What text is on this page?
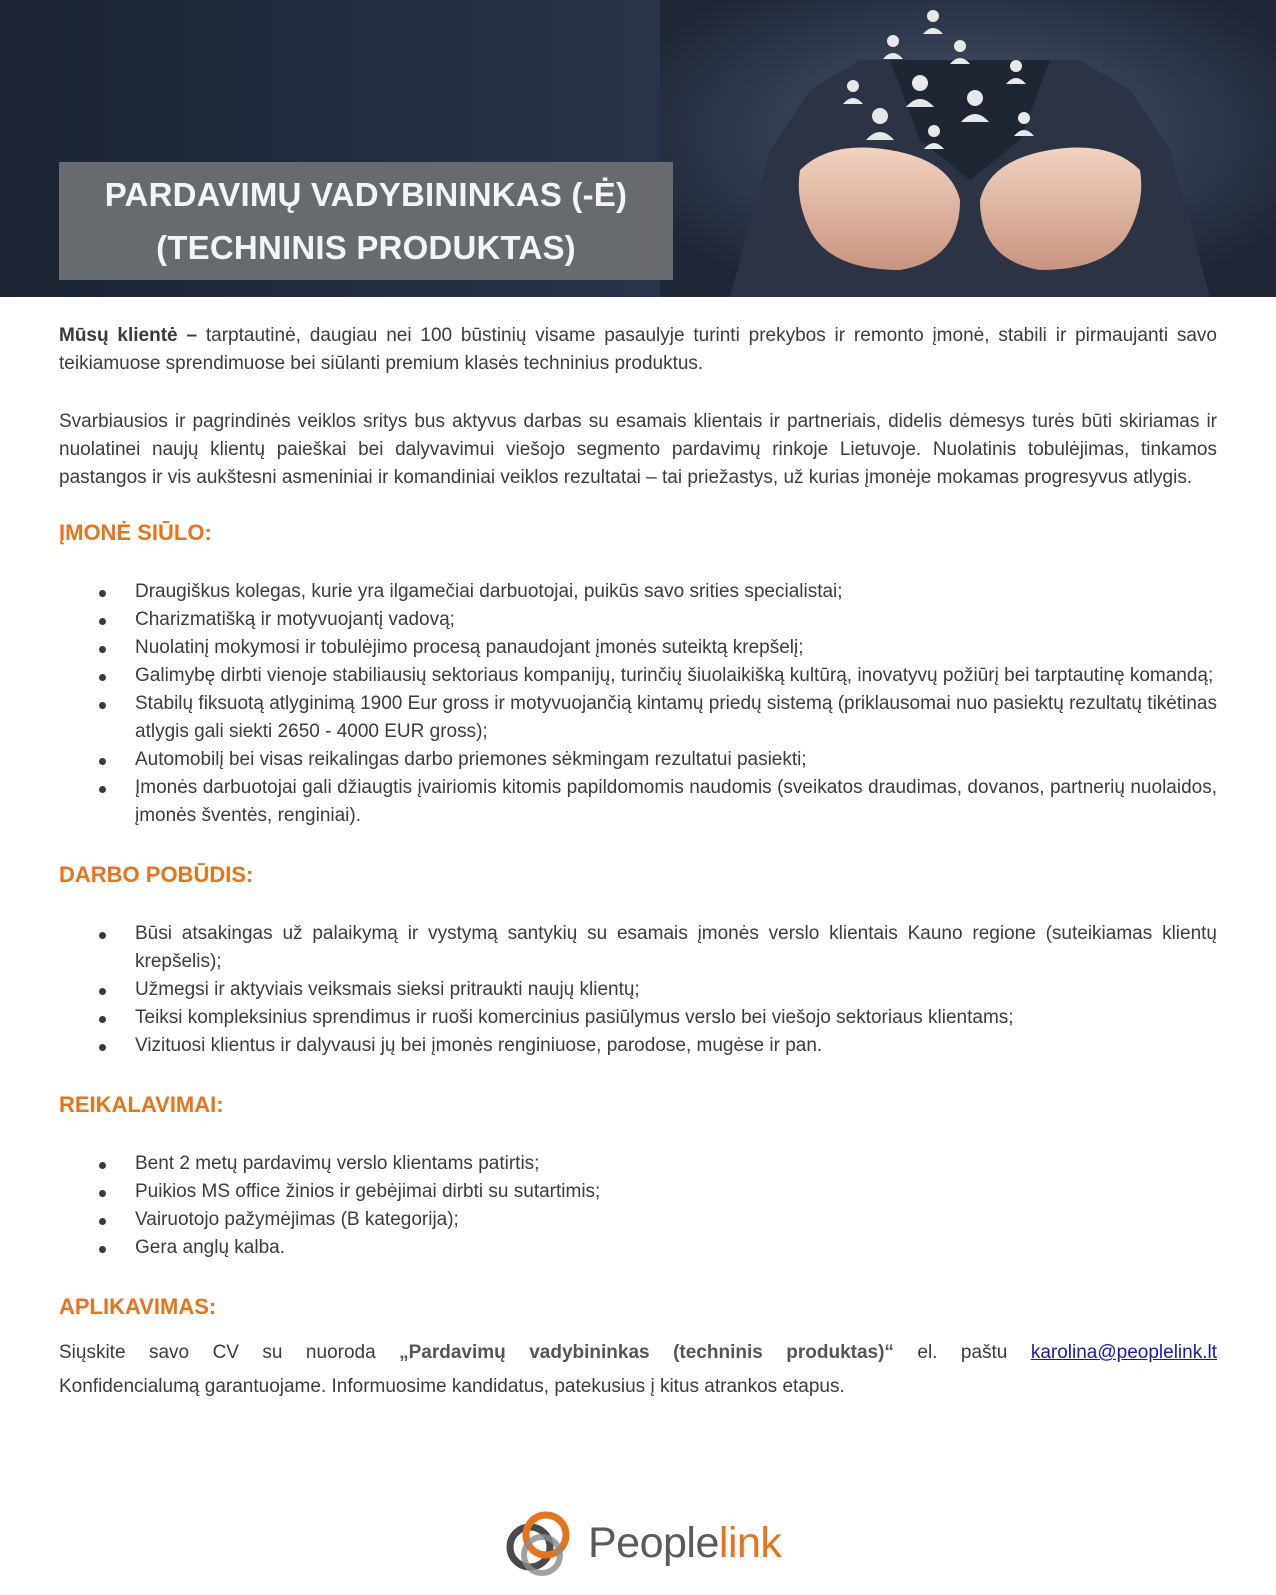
PARDAVIMŲ VADYBININKAS (-Ė)
(TECHNINIS PRODUKTAS)

Mūsų klientė – tarptautinė, daugiau nei 100 būstinių visame pasaulyje turinti prekybos ir remonto įmonė, stabili ir pirmaujanti savo teikiamuose sprendimuose bei siūlanti premium klasės techninius produktus.

Svarbiausios ir pagrindinės veiklos sritys bus aktyvus darbas su esamais klientais ir partneriais, didelis dėmesys turės būti skiriamas ir nuolatinei naujų klientų paieškai bei dalyvavimui viešojo segmento pardavimų rinkoje Lietuvoje. Nuolatinis tobulėjimas, tinkamos pastangos ir vis aukštesni asmeniniai ir komandiniai veiklos rezultatai – tai priežastys, už kurias įmonėje mokamas progresyvus atlygis.

ĮMONĖ SIŪLO:
Draugiškus kolegas, kurie yra ilgamečiai darbuotojai, puikūs savo srities specialistai;
Charizmatišką ir motyvuojantį vadovą;
Nuolatinį mokymosi ir tobulėjimo procesą panaudojant įmonės suteiktą krepšelį;
Galimybę dirbti vienoje stabiliausių sektoriaus kompanijų, turinčių šiuolaikišką kultūrą, inovatyvų požiūrį bei tarptautinę komandą;
Stabilų fiksuotą atlyginimą 1900 Eur gross ir motyvuojančią kintamų priedų sistemą (priklausomai nuo pasiektų rezultatų tikėtinas atlygis gali siekti 2650 - 4000 EUR gross);
Automobilį bei visas reikalingas darbo priemones sėkmingam rezultatui pasiekti;
Įmonės darbuotojai gali džiaugtis įvairiomis kitomis papildomomis naudomis (sveikatos draudimas, dovanos, partnerių nuolaidos, įmonės šventės, renginiai).
DARBO POBŪDIS:
Būsi atsakingas už palaikymą ir vystymą santykių su esamais įmonės verslo klientais Kauno regione (suteikiamas klientų krepšelis);
Užmegsi ir aktyviais veiksmais sieksi pritraukti naujų klientų;
Teiksi kompleksinius sprendimus ir ruoši komercinius pasiūlymus verslo bei viešojo sektoriaus klientams;
Vizituosi klientus ir dalyvausi jų bei įmonės renginiuose, parodose, mugėse ir pan.
REIKALAVIMAI:
Bent 2 metų pardavimų verslo klientams patirtis;
Puikios MS office žinios ir gebėjimai dirbti su sutartimis;
Vairuotojo pažymėjimas (B kategorija);
Gera anglų kalba.
APLIKAVIMAS:
Siųskite savo CV su nuoroda „Pardavimų vadybininkas (techninis produktas)“ el. paštu karolina@peoplelink.lt
Konfidencialumą garantuojame. Informuosime kandidatus, patekusius į kitus atrankos etapus.
Peoplelink
